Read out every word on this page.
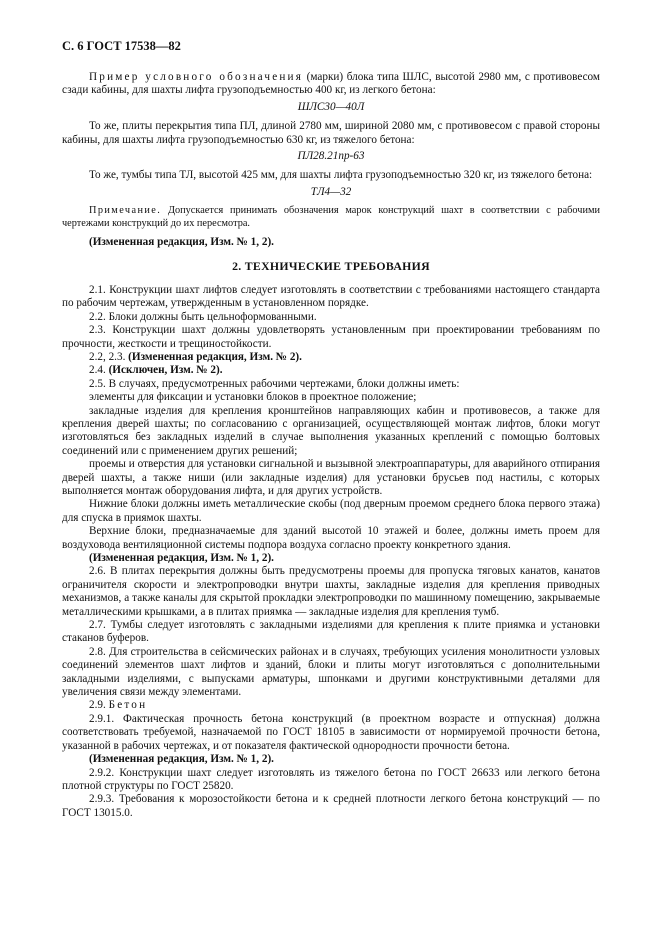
С. 6 ГОСТ 17538—82

Пример условного обозначения (марки) блока типа ШЛС, высотой 2980 мм, с противовесом сзади кабины, для шахты лифта грузоподъемностью 400 кг, из легкого бетона:

ШЛС30—40Л

То же, плиты перекрытия типа ПЛ, длиной 2780 мм, шириной 2080 мм, с противовесом с правой стороны кабины, для шахты лифта грузоподъемностью 630 кг, из тяжелого бетона:

ПЛ28.21пр-63

То же, тумбы типа ТЛ, высотой 425 мм, для шахты лифта грузоподъемностью 320 кг, из тяжелого бетона:

ТЛ4—32

Примечание. Допускается принимать обозначения марок конструкций шахт в соответствии с рабочими чертежами конструкций до их пересмотра.

(Измененная редакция, Изм. № 1, 2).

2. ТЕХНИЧЕСКИЕ ТРЕБОВАНИЯ

2.1. Конструкции шахт лифтов следует изготовлять в соответствии с требованиями настоящего стандарта по рабочим чертежам, утвержденным в установленном порядке.

2.2. Блоки должны быть цельноформованными.

2.3. Конструкции шахт должны удовлетворять установленным при проектировании требованиям по прочности, жесткости и трещиностойкости.

2.2, 2.3. (Измененная редакция, Изм. № 2).

2.4. (Исключен, Изм. № 2).

2.5. В случаях, предусмотренных рабочими чертежами, блоки должны иметь:

элементы для фиксации и установки блоков в проектное положение;

закладные изделия для крепления кронштейнов направляющих кабин и противовесов, а также для крепления дверей шахты; по согласованию с организацией, осуществляющей монтаж лифтов, блоки могут изготовляться без закладных изделий в случае выполнения указанных креплений с помощью болтовых соединений или с применением других решений;

проемы и отверстия для установки сигнальной и вызывной электроаппаратуры, для аварийного отпирания дверей шахты, а также ниши (или закладные изделия) для установки брусьев под настилы, с которых выполняется монтаж оборудования лифта, и для других устройств.

Нижние блоки должны иметь металлические скобы (под дверным проемом среднего блока первого этажа) для спуска в приямок шахты.

Верхние блоки, предназначаемые для зданий высотой 10 этажей и более, должны иметь проем для воздуховода вентиляционной системы подпора воздуха согласно проекту конкретного здания.

(Измененная редакция, Изм. № 1, 2).

2.6. В плитах перекрытия должны быть предусмотрены проемы для пропуска тяговых канатов, канатов ограничителя скорости и электропроводки внутри шахты, закладные изделия для крепления приводных механизмов, а также каналы для скрытой прокладки электропроводки по машинному помещению, закрываемые металлическими крышками, а в плитах приямка — закладные изделия для крепления тумб.

2.7. Тумбы следует изготовлять с закладными изделиями для крепления к плите приямка и установки стаканов буферов.

2.8. Для строительства в сейсмических районах и в случаях, требующих усиления монолитности узловых соединений элементов шахт лифтов и зданий, блоки и плиты могут изготовляться с дополнительными закладными изделиями, с выпусками арматуры, шпонками и другими конструктивными деталями для увеличения связи между элементами.

2.9. Бетон

2.9.1. Фактическая прочность бетона конструкций (в проектном возрасте и отпускная) должна соответствовать требуемой, назначаемой по ГОСТ 18105 в зависимости от нормируемой прочности бетона, указанной в рабочих чертежах, и от показателя фактической однородности прочности бетона.

(Измененная редакция, Изм. № 1, 2).

2.9.2. Конструкции шахт следует изготовлять из тяжелого бетона по ГОСТ 26633 или легкого бетона плотной структуры по ГОСТ 25820.

2.9.3. Требования к морозостойкости бетона и к средней плотности легкого бетона конструкций — по ГОСТ 13015.0.
